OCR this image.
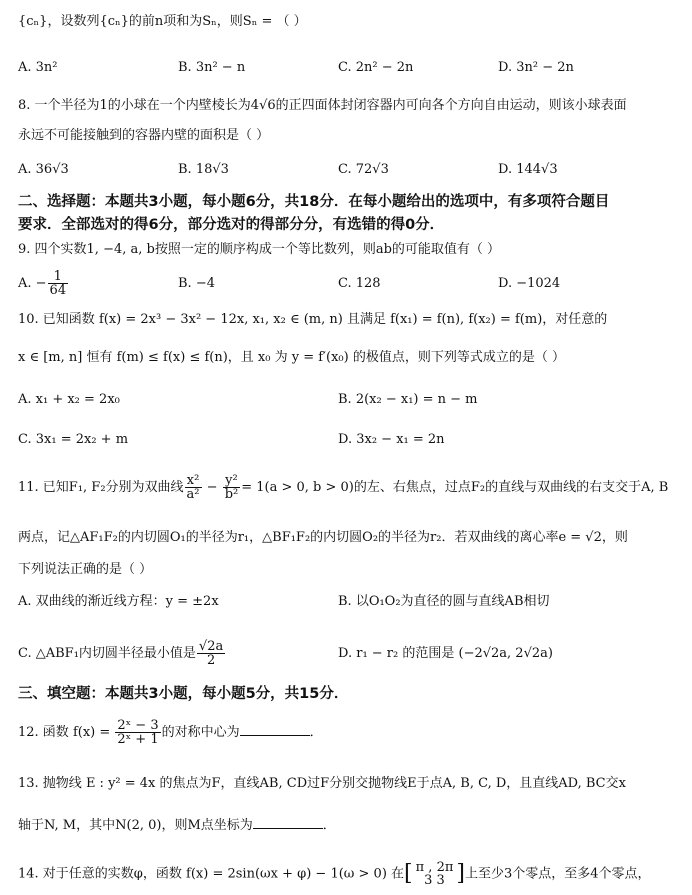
{cₙ}，设数列{cₙ}的前n项和为Sₙ，则Sₙ = （ ）
A. 3n²	B. 3n² − n	C. 2n² − 2n	D. 3n² − 2n
8. 一个半径为1的小球在一个内壁棱长为4√6的正四面体封闭容器内可向各个方向自由运动，则该小球表面
永远不可能接触到的容器内壁的面积是（ ）
A. 36√3	B. 18√3	C. 72√3	D. 144√3
二、选择题：本题共3小题，每小题6分，共18分．在每小题给出的选项中，有多项符合题目
要求．全部选对的得6分，部分选对的得部分分，有选错的得0分．
9. 四个实数1, −4, a, b按照一定的顺序构成一个等比数列，则ab的可能取值有（ ）
A. − $\frac{1}{64}$	B. −4	C. 128	D. −1024
10. 已知函数 f(x) = 2x³ − 3x² − 12x, x₁, x₂ ∈ (m, n) 且满足 f(x₁) = f(n), f(x₂) = f(m)，对任意的
x ∈ [m, n] 恒有 f(m) ≤ f(x) ≤ f(n)，且 x₀ 为 y = f′(x₀) 的极值点，则下列等式成立的是（ ）
A. x₁ + x₂ = 2x₀	B. 2(x₂ − x₁) = n − m
C. 3x₁ = 2x₂ + m	D. 3x₂ − x₁ = 2n
11. 已知F₁, F₂分别为双曲线 $\frac{\text{x²}}{\text{a²}} - \frac{\text{y²}}{\text{b²}} = 1(a > 0$, b > 0)的左、右焦点，过点F₂的直线与双曲线的右支交于A, B
两点，记△AF₁F₂的内切圆O₁的半径为r₁，△BF₁F₂的内切圆O₂的半径为r₂．若双曲线的离心率e = √2，则
下列说法正确的是（ ）
A. 双曲线的渐近线方程：y = ±2x	B. 以O₁O₂为直径的圆与直线AB相切
C. △ABF₁内切圆半径最小值是 $\frac{√2a}{2}$	D. r₁ − r₂ 的范围是 (−2√2a, 2√2a)
三、填空题：本题共3小题，每小题5分，共15分．
12. 函数 $f(x) = \frac{\text{2ˣ − 3}}{\text{2ˣ + 1}}$ 的对称中心为	．
13. 抛物线 E : y² = 4x 的焦点为F，直线AB, CD过F分别交抛物线E于点A, B, C, D，且直线AD, BC交x
轴于N, M，其中N(2, 0)，则M点坐标为	．
14. 对于任意的实数φ，函数 f(x) = 2sin(ωx + φ) − 1(ω > 0) 在[ π , 2π
3 3 ]上至少3个零点，至多4个零点，
